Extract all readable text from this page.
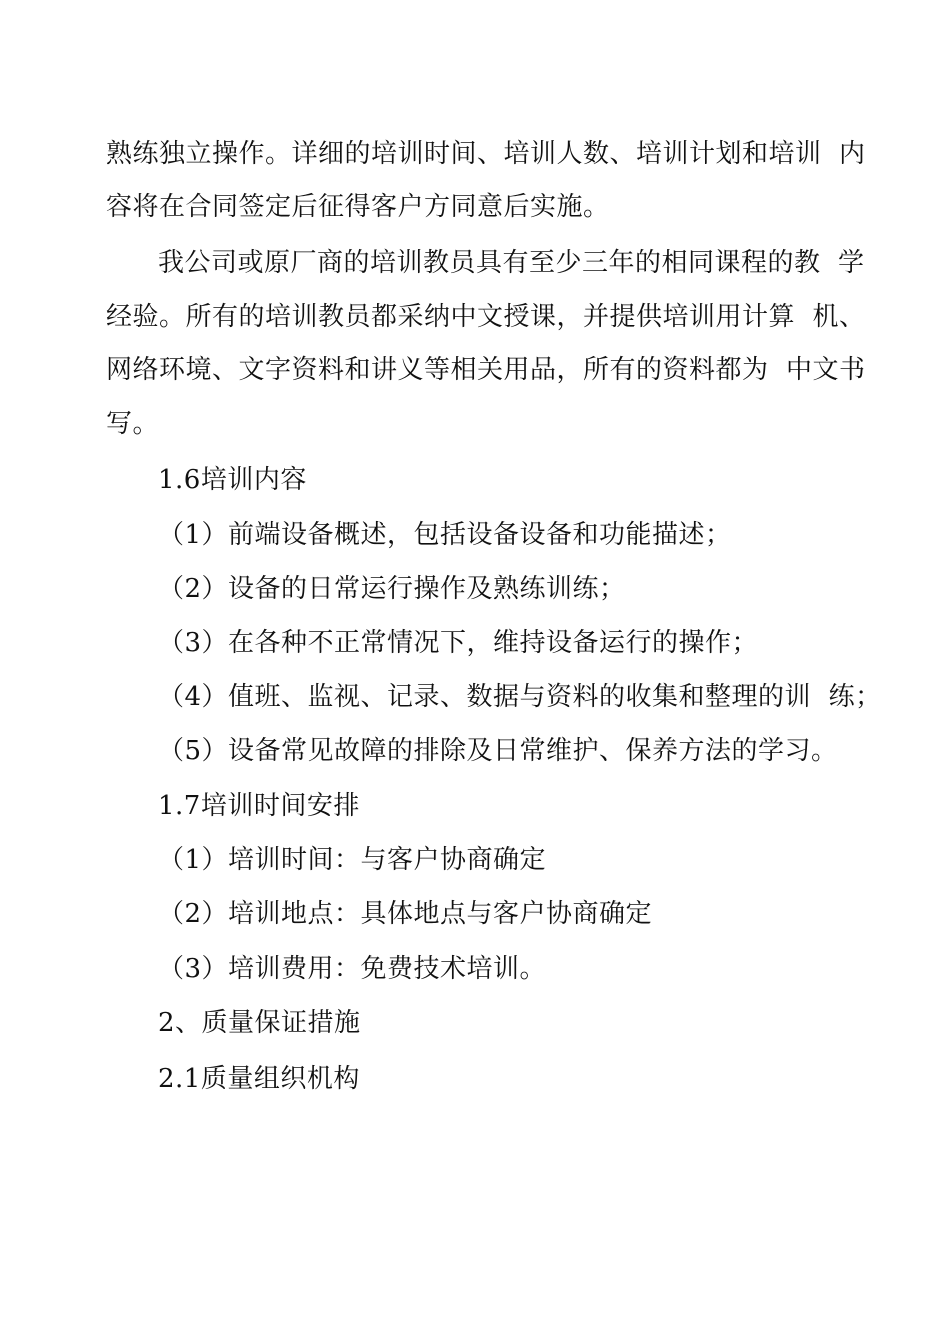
熟练独立操作。详细的培训时间、培训人数、培训计划和培训  内
容将在合同签定后征得客户方同意后实施。
我公司或原厂商的培训教员具有至少三年的相同课程的教  学
经验。所有的培训教员都采纳中文授课，并提供培训用计算  机、
网络环境、文字资料和讲义等相关用品，所有的资料都为  中文书
写。
1.6培训内容
（1）前端设备概述，包括设备设备和功能描述；
（2）设备的日常运行操作及熟练训练；
（3）在各种不正常情况下，维持设备运行的操作；
（4）值班、监视、记录、数据与资料的收集和整理的训  练；
（5）设备常见故障的排除及日常维护、保养方法的学习。
1.7培训时间安排
（1）培训时间：与客户协商确定
（2）培训地点：具体地点与客户协商确定
（3）培训费用：免费技术培训。
2、质量保证措施
2.1质量组织机构
